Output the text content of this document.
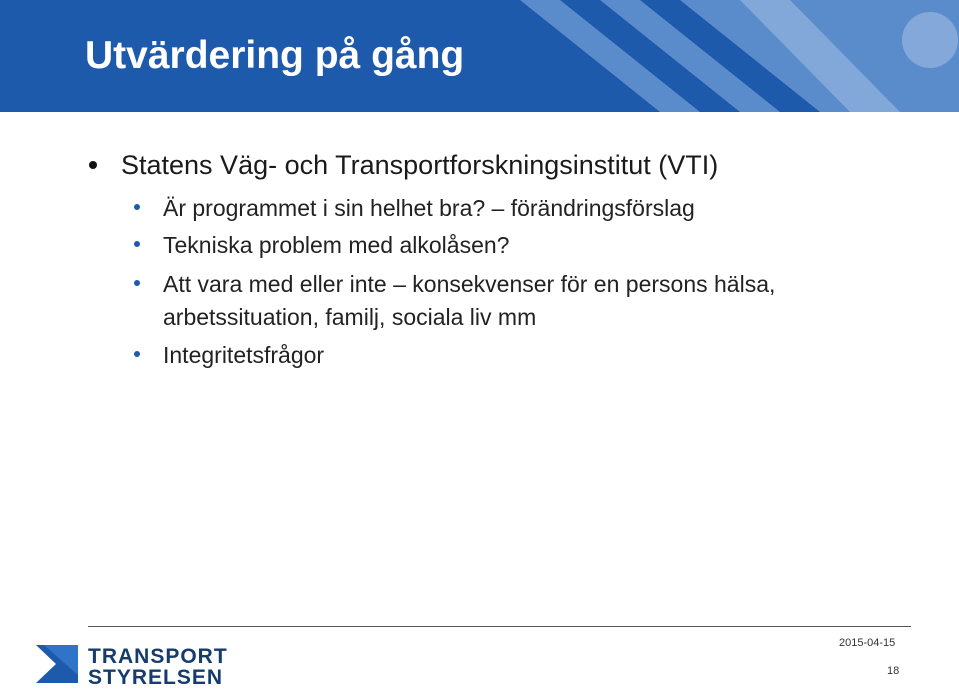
Utvärdering på gång
Statens Väg- och Transportforskningsinstitut (VTI)
Är programmet i sin helhet bra? – förändringsförslag
Tekniska problem med alkolåsen?
Att vara med eller inte – konsekvenser för en persons hälsa,
arbetssituation, familj, sociala liv mm
Integritetsfrågor
TRANSPORT
STYRELSEN
2015-04-15
18
